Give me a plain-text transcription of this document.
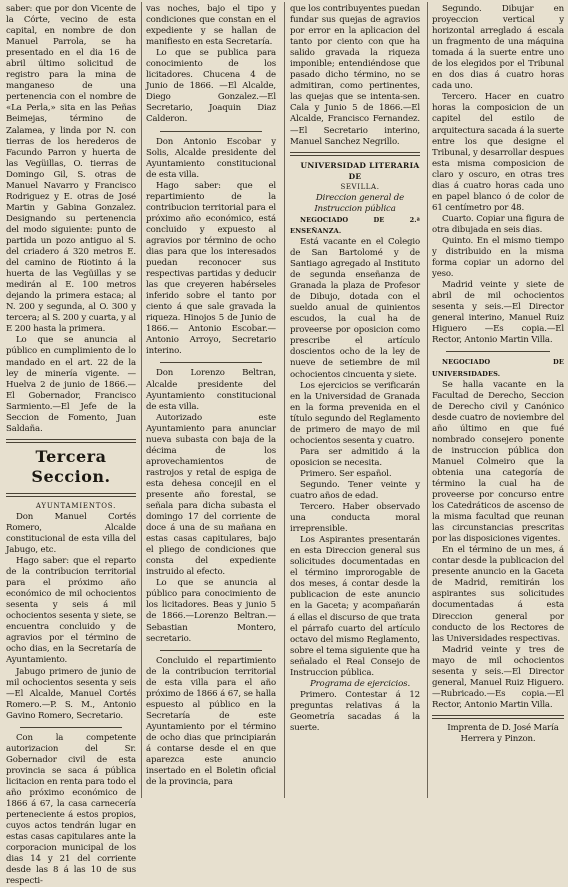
saber: que por don Vicente de la Córte, vecino de esta capital, en nombre de don Manuel Parrola, se ha presentado en el dia 16 de abril último solicitud de registro para la mina de manganeso de una pertenencia con el nombre de «La Perla,» sita en las Peñas Beimejas, término de Zalamea, y linda por N. con tierras de los herederos de Facundo Parron y huerta de las Vegüillas, O. tierras de Domingo Gil, S. otras de Manuel Navarro y Francisco Rodriguez y E. otras de José Martin y Gabina Gonzalez. Designando su pertenencia del modo siguiente: punto de partida un pozo antiguo al S. del criadero á 320 metros E. del camino de Riotinto á la huerta de las Vegüillas y se medirán al E. 100 metros dejando la primera estaca; al N. 200 y segunda, al O. 300 y tercera; al S. 200 y cuarta, y al E 200 hasta la primera.

Lo que se anuncia al público en cumplimiento de lo mandado en el art. 22 de la ley de minería vigente. —Huelva 2 de junio de 1866.— El Gobernador, Francisco Sarmiento.—El Jefe de la Seccion de Fomento, Juan Saldaña.

Tercera Seccion.

AYUNTAMIENTOS.

Don Manuel Cortés Romero, Alcalde constitucional de esta villa del Jabugo, etc.

Hago saber: que el reparto de la contribucion territorial para el próximo año económico de mil ochocientos sesenta y seis á mil ochocientos sesenta y siete, se encuentra concluido y de agravios por el término de ocho dias, en la Secretaría de Ayuntamiento.

Jabugo primero de junio de mil ochocientos sesenta y seis —El Alcalde, Manuel Cortés Romero.—P. S. M., Antonio Gavino Romero, Secretario.

Con la competente autorizacion del Sr. Gobernador civil de esta provincia se saca á pública licitacion en renta para todo el año próximo económico de 1866 á 67, la casa carnecería perteneciente á estos propios, cuyos actos tendrán lugar en estas casas capitulares ante la corporacion municipal de los dias 14 y 21 del corriente desde las 8 á las 10 de sus respecti-

vas noches, bajo el tipo y condiciones que constan en el expediente y se hallan de manifiesto en esta Secretaría.

Lo que se publica para conocimiento de los licitadores. Chucena 4 de Junio de 1866. —El Alcalde, Diego Gonzalez.—El Secretario, Joaquin Diaz Calderon.

Don Antonio Escobar y Solis, Alcalde presidente del Ayuntamiento constitucional de esta villa.

Hago saber: que el repartimiento de la contribucion territorial para el próximo año económico, está concluido y expuesto al agravios por término de ocho dias para que los interesados puedan reconocer sus respectivas partidas y deducir las que creyeren habérseles inferido sobre el tanto por ciento á que sale gravada la riqueza. Hinojos 5 de Junio de 1866.— Antonio Escobar.—Antonio Arroyo, Secretario interino.

Don Lorenzo Beltran, Alcalde presidente del Ayuntamiento constitucional de esta villa.

Autorizado este Ayuntamiento para anunciar nueva subasta con baja de la décima de los aprovechamientos de rastrojos y retal de espiga de esta dehesa concejil en el presente año forestal, se señala para dicha subasta el domingo 17 del corriente de doce á una de su mañana en estas casas capitulares, bajo el pliego de condiciones que consta del expediente instruido al efecto.

Lo que se anuncia al público para conocimiento de los licitadores. Beas y junio 5 de 1866.—Lorenzo Beltran.—Sebastian Montero, secretario.

Concluido el repartimiento de la contribucion territorial de esta villa para el año próximo de 1866 á 67, se halla espuesto al público en la Secretaría de este Ayuntamiento por el término de ocho dias que principiarán á contarse desde el en que aparezca este anuncio insertado en el Boletin oficial de la provincia, para

que los contribuyentes puedan fundar sus quejas de agravios por error en la aplicacion del tanto por ciento con que ha salido gravada la riqueza imponible; entendiéndose que pasado dicho término, no se admitiran, como pertinentes, las quejas que se intenta-sen. Cala y Junio 5 de 1866.—El Alcalde, Francisco Fernandez. —El Secretario interino, Manuel Sanchez Negrillo.

UNIVERSIDAD LITERARIA DE

SEVILLA.

Direccion general de Instruccion pública

NEGOCIADO DE 2.ª ENSEÑANZA.

Está vacante en el Colegio de San Bartolomé y de Santiago agregado al Instituto de segunda enseñanza de Granada la plaza de Profesor de Dibujo, dotada con el sueldo anual de quinientos escudos, la cual ha de proveerse por oposicion como prescribe el artículo doscientos ocho de la ley de nueve de setiembre de mil ochocientos cincuenta y siete.

Los ejercicios se verificarán en la Universidad de Granada en la forma prevenida en el título segundo del Reglamento de primero de mayo de mil ochocientos sesenta y cuatro.

Para ser admitido á la oposicion se necesita.

Primero. Ser español.

Segundo. Tener veinte y cuatro años de edad.

Tercero. Haber observado una conducta moral irreprensible.

Los Aspirantes presentarán en esta Direccion general sus solicitudes documentadas en el término improrogable de dos meses, á contar desde la publicacion de este anuncio en la Gaceta; y acompañarán á ellas el discurso de que trata el párrafo cuarto del artículo octavo del mismo Reglamento, sobre el tema siguiente que ha señalado el Real Consejo de Instruccion pública.

Programa de ejercicios.

Primero. Contestar á 12 preguntas relativas á la Geometría sacadas á la suerte.

Segundo. Dibujar en proyeccion vertical y horizontal arreglado á escala un fragmento de una máquina tomada á la suerte entre uno de los elegidos por el Tribunal en dos dias á cuatro horas cada uno.

Tercero. Hacer en cuatro horas la composicion de un capitel del estilo de arquitectura sacada á la suerte entre los que designe el Tribunal, y desarrollar despues esta misma composicion de claro y oscuro, en otras tres dias á cuatro horas cada uno en papel blanco ó de color de 61 centímetro por 48.

Cuarto. Copiar una figura de otra dibujada en seis dias.

Quinto. En el mismo tiempo y distribuido en la misma forma copiar un adorno del yeso.

Madrid veinte y siete de abril de mil ochocientos sesenta y seis.—El Director general interino, Manuel Ruiz Higuero —Es copia.—El Rector, Antonio Martin Villa.

NEGOCIADO DE UNIVERSIDADES.

Se halla vacante en la Facultad de Derecho, Seccion de Derecho civil y Canónico desde cuatro de noviembre del año último en que fué nombrado consejero ponente de instruccion pública don Manuel Colmeiro que la obtenia una categoría de término la cual ha de proveerse por concurso entre los Catedráticos de ascenso de la misma facultad que reunan las circunstancias prescritas por las disposiciones vigentes.

En el término de un mes, á contar desde la publicacion del presente anuncio en la Gaceta de Madrid, remitirán los aspirantes sus solicitudes documentadas á esta Direccion general por conducto de los Rectores de las Universidades respectivas.

Madrid veinte y tres de mayo de mil ochocientos sesenta y seis.—El Director general, Manuel Ruiz Higuero. —Rubricado.—Es copia.—El Rector, Antonio Martin Villa.

Imprenta de D. José María Herrera y Pinzon.
